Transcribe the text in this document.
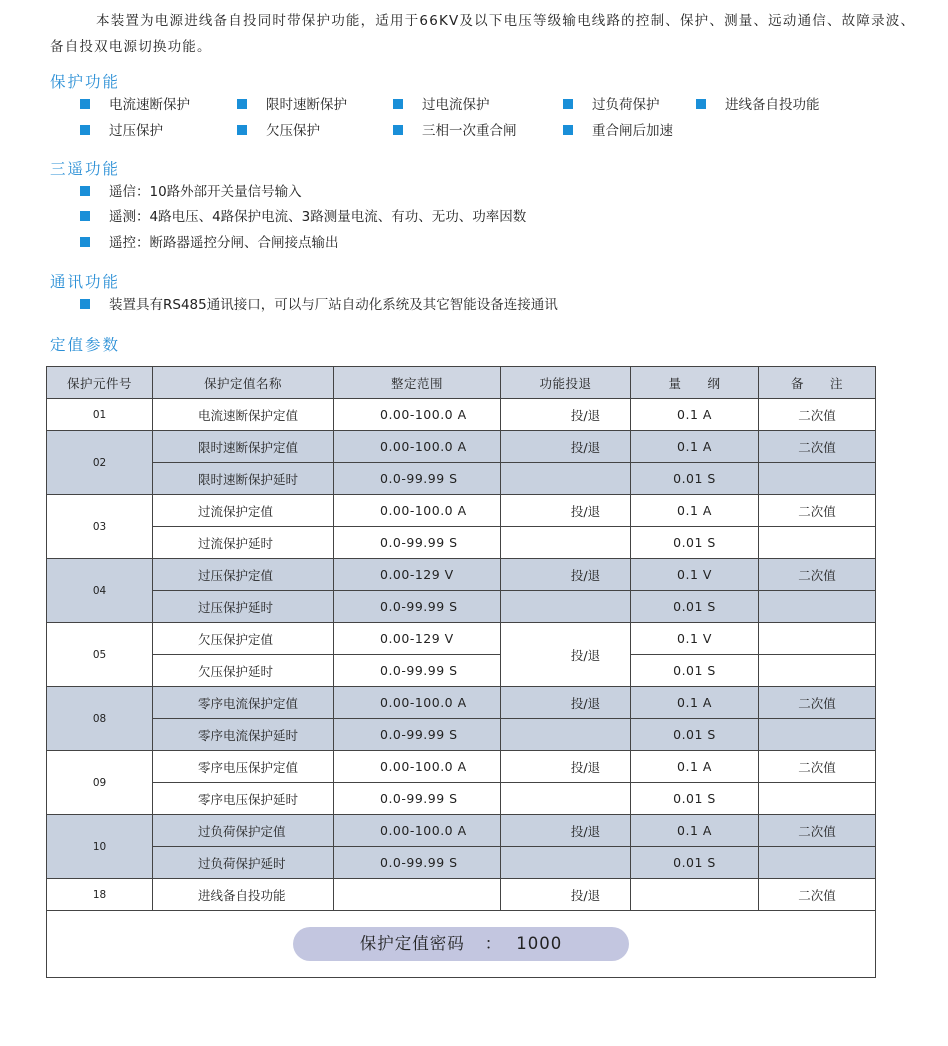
本装置为电源进线备自投同时带保护功能，适用于66KV及以下电压等级输电线路的控制、保护、测量、远动通信、故障录波、备自投双电源切换功能。

保护功能
电流速断保护	限时速断保护	过电流保护	过负荷保护	进线备自投功能
过压保护	欠压保护	三相一次重合闸	重合闸后加速
三遥功能
遥信：10路外部开关量信号输入
遥测：4路电压、4路保护电流、3路测量电流、有功、无功、功率因数
遥控：断路器遥控分闸、合闸接点输出
通讯功能
装置具有RS485通讯接口，可以与厂站自动化系统及其它智能设备连接通讯
定值参数
保护元件号	保护定值名称	整定范围	功能投退	量　　纲	备　　注
01	电流速断保护定值	0.00-100.0 A	投/退	0.1 A	二次值
02	限时速断保护定值	0.00-100.0 A	投/退	0.1 A	二次值
	限时速断保护延时	0.0-99.99 S		0.01 S	
03	过流保护定值	0.00-100.0 A	投/退	0.1 A	二次值
	过流保护延时	0.0-99.99 S		0.01 S	
04	过压保护定值	0.00-129 V	投/退	0.1 V	二次值
	过压保护延时	0.0-99.99 S		0.01 S	
05	欠压保护定值	0.00-129 V	投/退	0.1 V	
	欠压保护延时	0.0-99.99 S		0.01 S	
08	零序电流保护定值	0.00-100.0 A	投/退	0.1 A	二次值
	零序电流保护延时	0.0-99.99 S		0.01 S	
09	零序电压保护定值	0.00-100.0 A	投/退	0.1 A	二次值
	零序电压保护延时	0.0-99.99 S		0.01 S	
10	过负荷保护定值	0.00-100.0 A	投/退	0.1 A	二次值
	过负荷保护延时	0.0-99.99 S		0.01 S	
18	进线备自投功能		投/退		二次值
保护定值密码 ： 1000					
